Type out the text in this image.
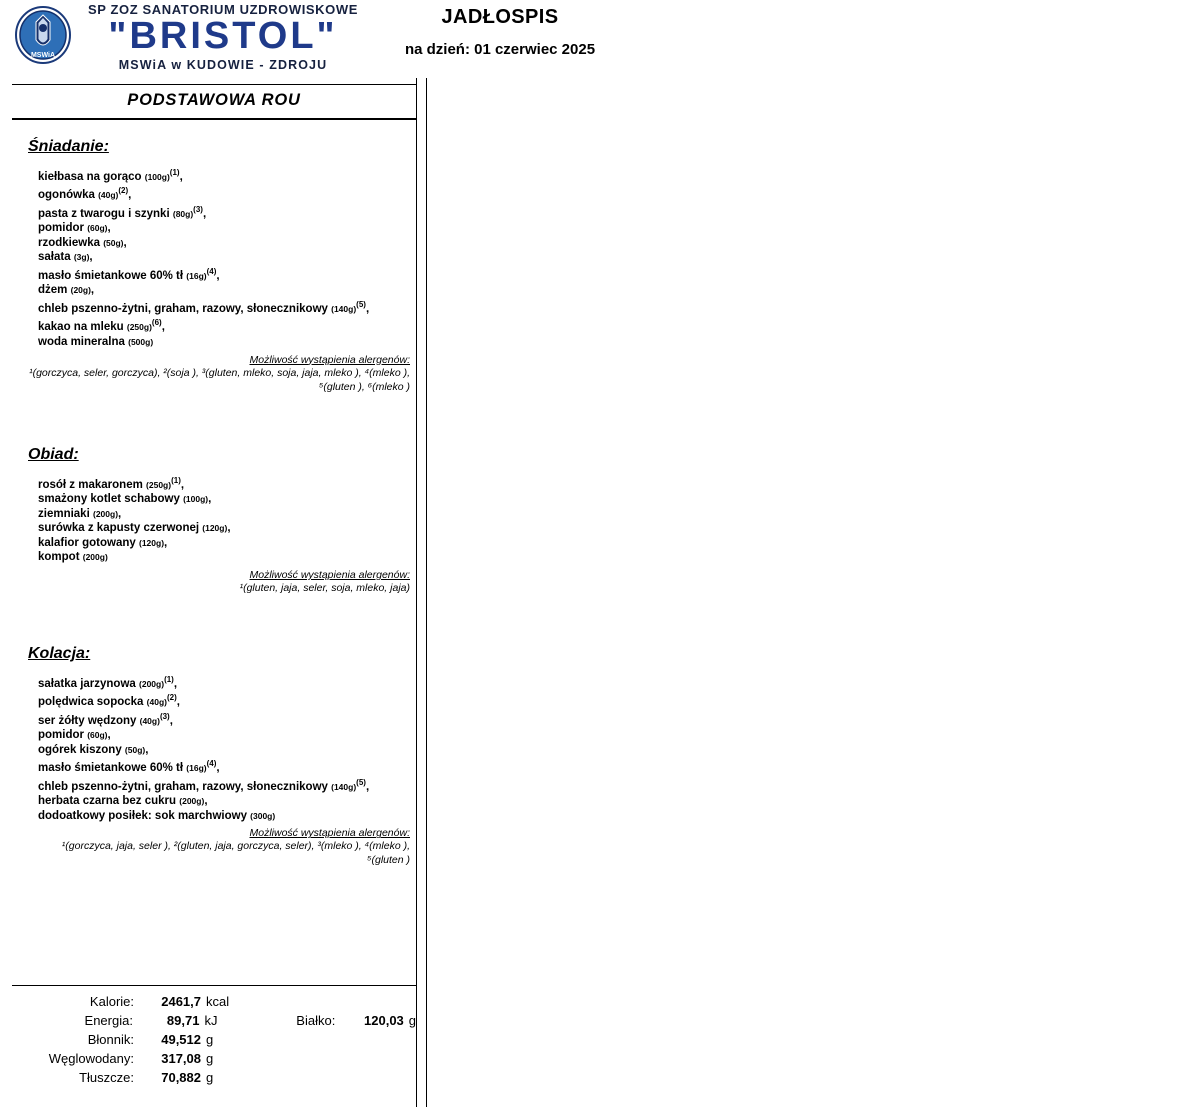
MSWiA
SP ZOZ SANATORIUM UZDROWISKOWE
"BRISTOL"
MSWiA w KUDOWIE - ZDROJU
JADŁOSPIS
na dzień: 01 czerwiec 2025
PODSTAWOWA ROU
Śniadanie:
kiełbasa na gorąco $(100g)^{(1)}$,
ogonówka $(40g)^{(2)}$,
pasta z twarogu i szynki $(80g)^{(3)}$,
pomidor (60g),
rzodkiewka (50g),
sałata (3g),
masło śmietankowe 60% tł $(16g)^{(4)}$,
dżem (20g),
chleb pszenno-żytni, graham, razowy, słonecznikowy $(140g)^{(5)}$,
kakao na mleku $(250g)^{(6)}$,
woda mineralna (500g)
Możliwość wystąpienia alergenów:
¹(gorczyca, seler, gorczyca), ²(soja ), ³(gluten, mleko, soja, jaja, mleko ), ⁴(mleko ), ⁵(gluten ), ⁶(mleko )
Obiad:
rosół z makaronem $(250g)^{(1)}$,
smażony kotlet schabowy (100g),
ziemniaki (200g),
surówka z kapusty czerwonej (120g),
kalafior gotowany (120g),
kompot (200g)
Możliwość wystąpienia alergenów:
¹(gluten, jaja, seler, soja, mleko, jaja)
Kolacja:
sałatka jarzynowa $(200g)^{(1)}$,
polędwica sopocka $(40g)^{(2)}$,
ser żółty wędzony $(40g)^{(3)}$,
pomidor (60g),
ogórek kiszony (50g),
masło śmietankowe 60% tł $(16g)^{(4)}$,
chleb pszenno-żytni, graham, razowy, słonecznikowy $(140g)^{(5)}$,
herbata czarna bez cukru (200g),
dodoatkowy posiłek: sok marchwiowy (300g)
Możliwość wystąpienia alergenów:
¹(gorczyca, jaja, seler ), ²(gluten, jaja, gorczyca, seler), ³(mleko ), ⁴(mleko ), ⁵(gluten )
Kalorie:	2461,7 kcal
Energia:	89,71 kJ	Białko:	120,03 g
Błonnik:	49,512 g
Węglowodany:	317,08 g
Tłuszcze:	70,882 g
